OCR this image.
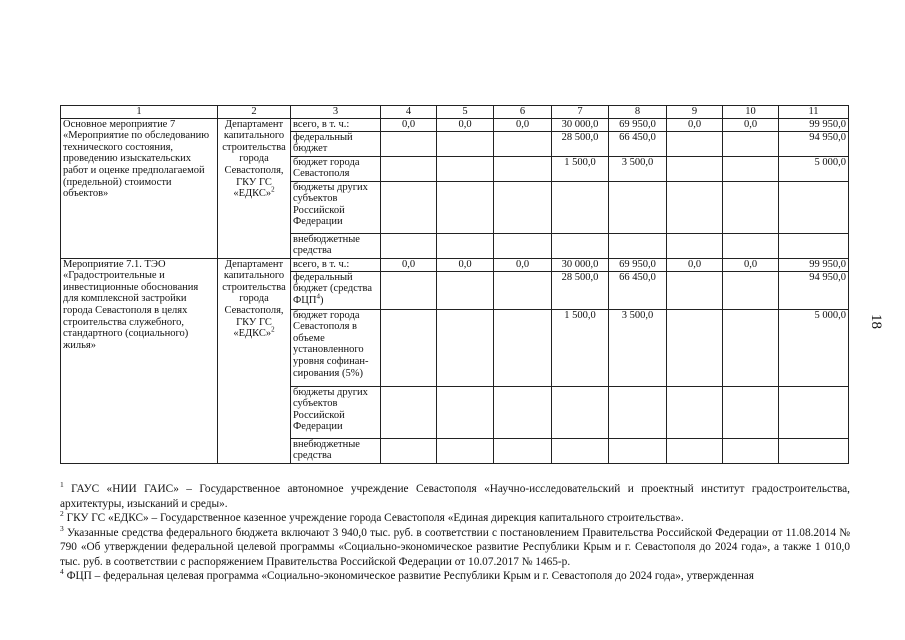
1	2	3	4	5	6	7	8	9	10	11
Основное мероприятие 7 «Мероприятие по обследованию технического состояния, проведению изыскательских работ и оценке предполагаемой (предельной) стоимости объектов»	Департамент капитального строительства города Севастополя, ГКУ ГС «ЕДКС»$^2$	всего, в т. ч.:	0,0	0,0	0,0	30 000,0	69 950,0	0,0	0,0	99 950,0
		федеральный бюджет				28 500,0	66 450,0			94 950,0
		бюджет города Севастополя				1 500,0	3 500,0			5 000,0
		бюджеты других субъектов Российской Федерации								
		внебюджетные средства								
Мероприятие 7.1. ТЭО «Градостроительные и инвестиционные обоснования для комплексной застройки города Севастополя в целях строительства служебного, стандартного (социального) жилья»	Департамент капитального строительства города Севастополя, ГКУ ГС «ЕДКС»$^2$	всего, в т. ч.:	0,0	0,0	0,0	30 000,0	69 950,0	0,0	0,0	99 950,0
		федеральный бюджет (средства ФЦП$^4$)				28 500,0	66 450,0			94 950,0
		бюджет города Севастополя в объеме установленного уровня софинан-сирования (5%)				1 500,0	3 500,0			5 000,0
		бюджеты других субъектов Российской Федерации								
		внебюджетные средства								
18

$^1$ ГАУС «НИИ ГАИС» – Государственное автономное учреждение Севастополя «Научно-исследовательский и проектный институт градостроительства, архитектуры, изысканий и среды».

$^2$ ГКУ ГС «ЕДКС» – Государственное казенное учреждение города Севастополя «Единая дирекция капитального строительства».

$^3$ Указанные средства федерального бюджета включают 3 940,0 тыс. руб. в соответствии с постановлением Правительства Российской Федерации от 11.08.2014 № 790 «Об утверждении федеральной целевой программы «Социально-экономическое развитие Республики Крым и г. Севастополя до 2024 года», а также 1 010,0 тыс. руб. в соответствии с распоряжением Правительства Российской Федерации от 10.07.2017 № 1465-р.

$^4$ ФЦП – федеральная целевая программа «Социально-экономическое развитие Республики Крым и г. Севастополя до 2024 года», утвержденная
